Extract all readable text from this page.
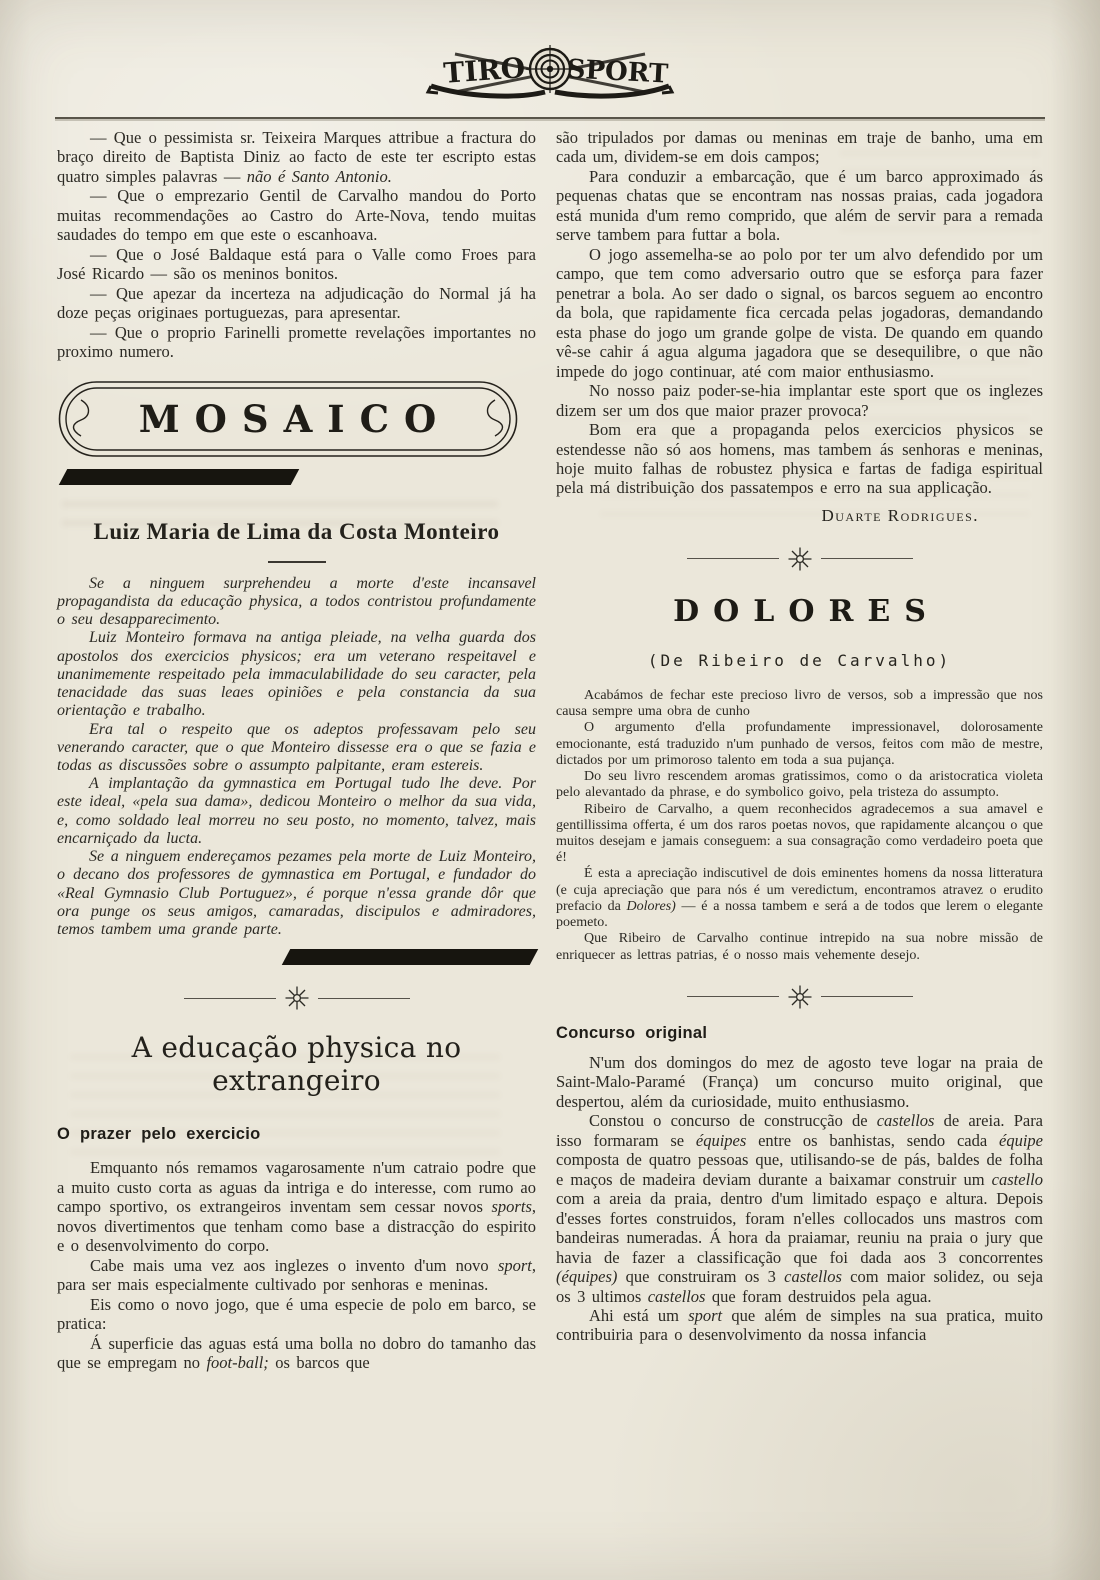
TIRO SPORT

— Que o pessimista sr. Teixeira Marques attribue a fractura do braço direito de Baptista Diniz ao facto de este ter escripto estas quatro simples palavras — não é Santo Antonio.

— Que o emprezario Gentil de Carvalho mandou do Porto muitas recommendações ao Castro do Arte-Nova, tendo muitas saudades do tempo em que este o escanhoava.

— Que o José Baldaque está para o Valle como Froes para José Ricardo — são os meninos bonitos.

— Que apezar da incerteza na adjudicação do Normal já ha doze peças originaes portuguezas, para apresentar.

— Que o proprio Farinelli promette revelações importantes no proximo numero.

MOSAICO
Luiz Maria de Lima da Costa Monteiro

Se a ninguem surprehendeu a morte d'este incansavel propagandista da educação physica, a todos contristou profundamente o seu desapparecimento.

Luiz Monteiro formava na antiga pleiade, na velha guarda dos apostolos dos exercicios physicos; era um veterano respeitavel e unanimemente respeitado pela immaculabilidade do seu caracter, pela tenacidade das suas leaes opiniões e pela constancia da sua orientação e trabalho.

Era tal o respeito que os adeptos professavam pelo seu venerando caracter, que o que Monteiro dissesse era o que se fazia e todas as discussões sobre o assumpto palpitante, eram estereis.

A implantação da gymnastica em Portugal tudo lhe deve. Por este ideal, «pela sua dama», dedicou Monteiro o melhor da sua vida, e, como soldado leal morreu no seu posto, no momento, talvez, mais encarniçado da lucta.

Se a ninguem endereçamos pezames pela morte de Luiz Monteiro, o decano dos professores de gymnastica em Portugal, e fundador do «Real Gymnasio Club Portuguez», é porque n'essa grande dôr que ora punge os seus amigos, camaradas, discipulos e admiradores, temos tambem uma grande parte.

A educação physica no extrangeiro
O prazer pelo exercicio

Emquanto nós remamos vagarosamente n'um catraio podre que a muito custo corta as aguas da intriga e do interesse, com rumo ao campo sportivo, os extrangeiros inventam sem cessar novos sports, novos divertimentos que tenham como base a distracção do espirito e o desenvolvimento do corpo.

Cabe mais uma vez aos inglezes o invento d'um novo sport, para ser mais especialmente cultivado por senhoras e meninas.

Eis como o novo jogo, que é uma especie de polo em barco, se pratica:

Á superficie das aguas está uma bolla no dobro do tamanho das que se empregam no foot-ball; os barcos que

são tripulados por damas ou meninas em traje de banho, uma em cada um, dividem-se em dois campos;

Para conduzir a embarcação, que é um barco approximado ás pequenas chatas que se encontram nas nossas praias, cada jogadora está munida d'um remo comprido, que além de servir para a remada serve tambem para futtar a bola.

O jogo assemelha-se ao polo por ter um alvo defendido por um campo, que tem como adversario outro que se esforça para fazer penetrar a bola. Ao ser dado o signal, os barcos seguem ao encontro da bola, que rapidamente fica cercada pelas jogadoras, demandando esta phase do jogo um grande golpe de vista. De quando em quando vê-se cahir á agua alguma jagadora que se desequilibre, o que não impede do jogo continuar, até com maior enthusiasmo.

No nosso paiz poder-se-hia implantar este sport que os inglezes dizem ser um dos que maior prazer provoca?

Bom era que a propaganda pelos exercicios physicos se estendesse não só aos homens, mas tambem ás senhoras e meninas, hoje muito falhas de robustez physica e fartas de fadiga espiritual pela má distribuição dos passatempos e erro na sua applicação.

Duarte Rodrigues.
DOLORES
(De Ribeiro de Carvalho)

Acabámos de fechar este precioso livro de versos, sob a impressão que nos causa sempre uma obra de cunho

O argumento d'ella profundamente impressionavel, dolorosamente emocionante, está traduzido n'um punhado de versos, feitos com mão de mestre, dictados por um primoroso talento em toda a sua pujança.

Do seu livro rescendem aromas gratissimos, como o da aristocratica violeta pelo alevantado da phrase, e do symbolico goivo, pela tristeza do assumpto.

Ribeiro de Carvalho, a quem reconhecidos agradecemos a sua amavel e gentillissima offerta, é um dos raros poetas novos, que rapidamente alcançou o que muitos desejam e jamais conseguem: a sua consagração como verdadeiro poeta que é!

É esta a apreciação indiscutivel de dois eminentes homens da nossa litteratura (e cuja apreciação que para nós é um veredictum, encontramos atravez o erudito prefacio da Dolores) — é a nossa tambem e será a de todos que lerem o elegante poemeto.

Que Ribeiro de Carvalho continue intrepido na sua nobre missão de enriquecer as lettras patrias, é o nosso mais vehemente desejo.

Concurso original

N'um dos domingos do mez de agosto teve logar na praia de Saint-Malo-Paramé (França) um concurso muito original, que despertou, além da curiosidade, muito enthusiasmo.

Constou o concurso de construcção de castellos de areia. Para isso formaram se équipes entre os banhistas, sendo cada équipe composta de quatro pessoas que, utilisando-se de pás, baldes de folha e maços de madeira deviam durante a baixamar construir um castello com a areia da praia, dentro d'um limitado espaço e altura. Depois d'esses fortes construidos, foram n'elles collocados uns mastros com bandeiras numeradas. Á hora da praiamar, reuniu na praia o jury que havia de fazer a classificação que foi dada aos 3 concorrentes (équipes) que construiram os 3 castellos com maior solidez, ou seja os 3 ultimos castellos que foram destruidos pela agua.

Ahi está um sport que além de simples na sua pratica, muito contribuiria para o desenvolvimento da nossa infancia
